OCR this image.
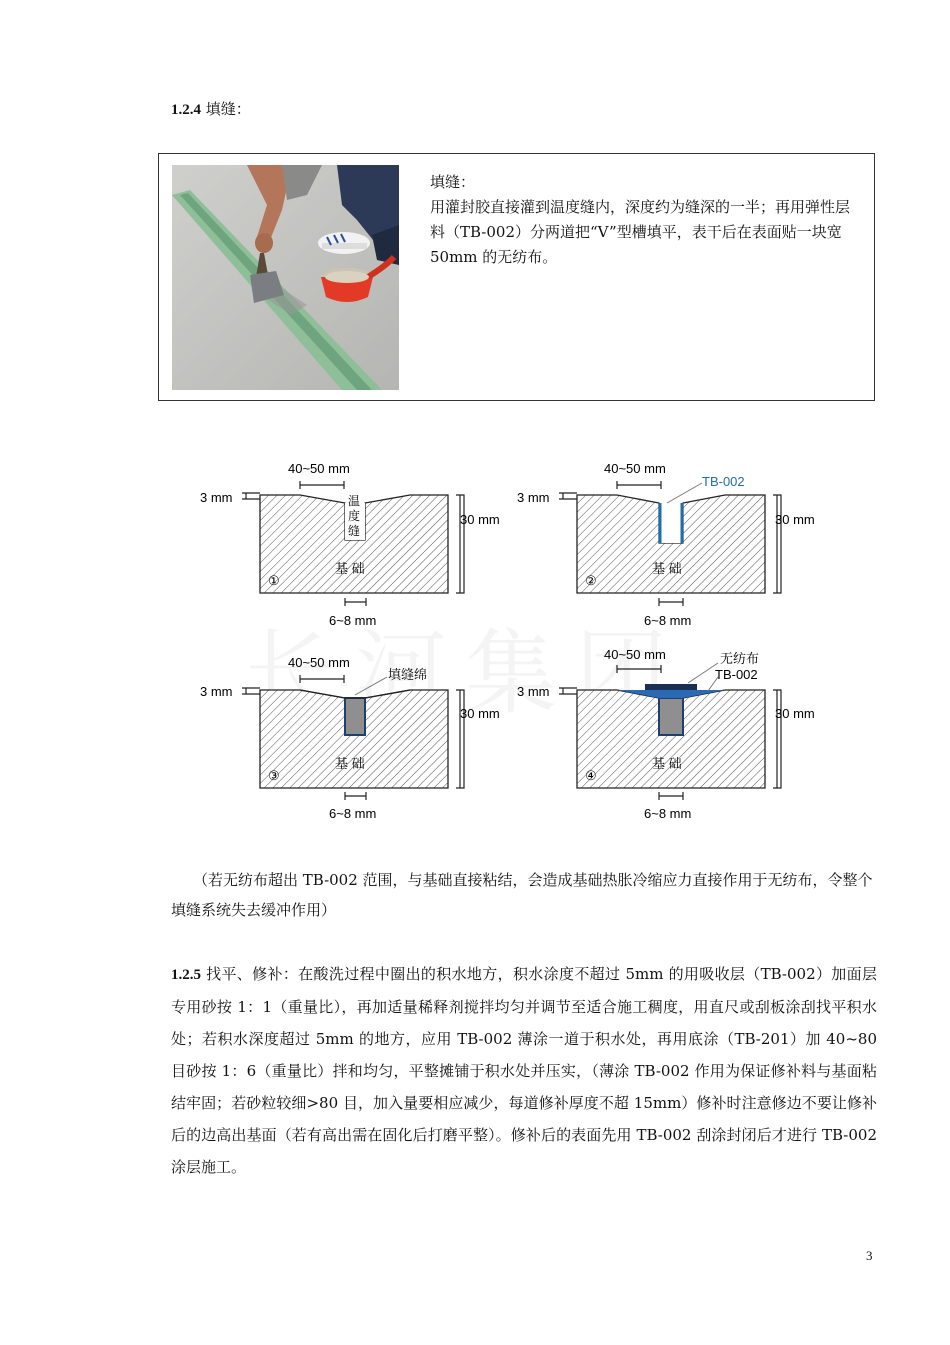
1.2.4 填缝：
填缝：
用灌封胶直接灌到温度缝内，深度约为缝深的一半；再用弹性层料（TB-002）分两道把“V”型槽填平，表干后在表面贴一块宽 50mm 的无纺布。
温
度
缝
基 础
①
基 础
②
基 础
③
基 础
④
40~50 mm
3 mm
30 mm
6~8 mm
40~50 mm
TB-002
3 mm
30 mm
6~8 mm
40~50 mm
填缝绵
3 mm
30 mm
6~8 mm
40~50 mm	无纺布
TB-002
3 mm
30 mm
6~8 mm
（若无纺布超出 TB-002 范围，与基础直接粘结，会造成基础热胀冷缩应力直接作用于无纺布，令整个填缝系统失去缓冲作用）
1.2.5 找平、修补：在酸洗过程中圈出的积水地方，积水涂度不超过 5mm 的用吸收层（TB-002）加面层专用砂按 1：1（重量比），再加适量稀释剂搅拌均匀并调节至适合施工稠度，用直尺或刮板涂刮找平积水处；若积水深度超过 5mm 的地方，应用 TB-002 薄涂一道于积水处，再用底涂（TB-201）加 40~80 目砂按 1：6（重量比）拌和均匀，平整摊铺于积水处并压实，（薄涂 TB-002 作用为保证修补料与基面粘结牢固；若砂粒较细>80 目，加入量要相应减少，每道修补厚度不超 15mm）修补时注意修边不要让修补后的边高出基面（若有高出需在固化后打磨平整）。修补后的表面先用 TB-002 刮涂封闭后才进行 TB-002 涂层施工。
3
